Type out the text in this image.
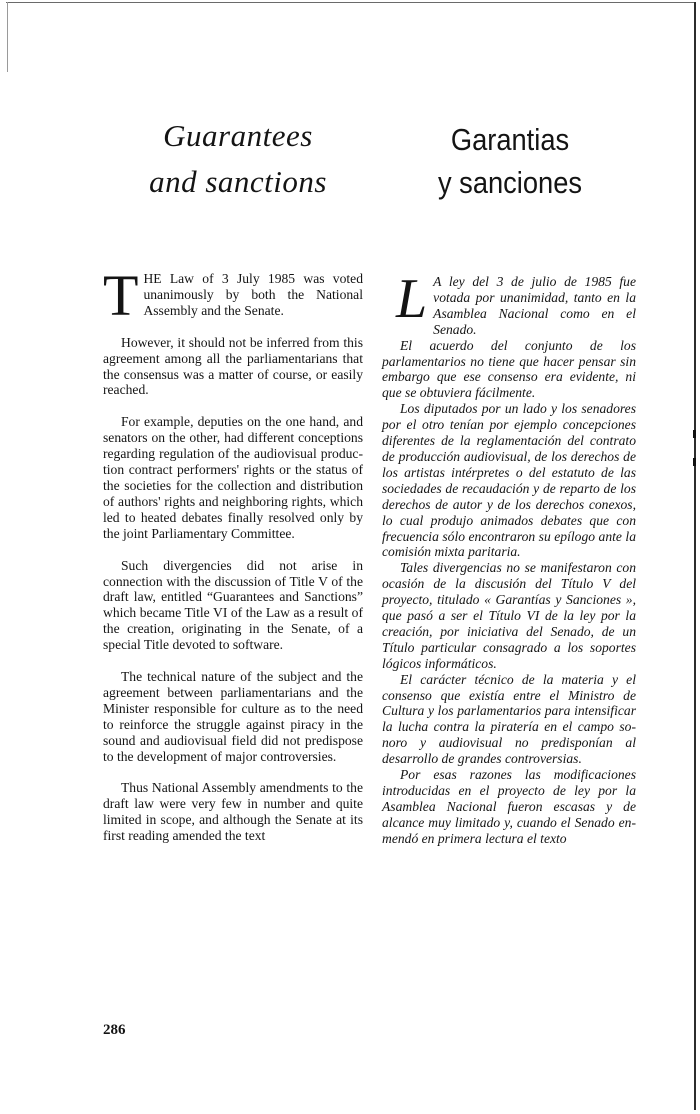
Guarantees
and sanctions
Garantias
y sanciones

THE Law of 3 July 1985 was voted unanimously by both the National Assembly and the Senate.

However, it should not be inferred from this agreement among all the parliamentarians that the consensus was a matter of course, or easily reached.

For example, deputies on the one hand, and senators on the other, had different conceptions regarding regulation of the audiovisual production contract performers' rights or the status of the societies for the collection and distribution of authors' rights and neighboring rights, which led to heated debates finally resolved only by the joint Parliamentary Committee.

Such divergencies did not arise in connection with the discussion of Title V of the draft law, entitled “Guarantees and Sanctions” which became Title VI of the Law as a result of the creation, originating in the Senate, of a special Title devoted to software.

The technical nature of the subject and the agreement between parliamentarians and the Minister responsible for culture as to the need to reinforce the struggle against piracy in the sound and audiovisual field did not predispose to the development of major controversies.

Thus National Assembly amendments to the draft law were very few in number and quite limited in scope, and although the Senate at its first reading amended the text

L A ley del 3 de julio de 1985 fue votada por unanimidad, tanto en la Asamblea Nacional como en el Senado.

El acuerdo del conjunto de los parlamentarios no tiene que hacer pensar sin embargo que ese consenso era evidente, ni que se obtuviera fácilmente.

Los diputados por un lado y los senadores por el otro tenían por ejemplo concepciones diferentes de la reglamentación del contrato de producción audiovisual, de los derechos de los artistas intérpretes o del estatuto de las sociedades de recaudación y de reparto de los derechos de autor y de los derechos conexos, lo cual produjo animados debates que con frecuencia sólo encontraron su epílogo ante la comisión mixta paritaria.

Tales divergencias no se manifestaron con ocasión de la discusión del Título V del proyecto, titulado « Garantías y Sanciones », que pasó a ser el Título VI de la ley por la creación, por iniciativa del Senado, de un Título particular consagrado a los soportes lógicos informáticos.

El carácter técnico de la materia y el consenso que existía entre el Ministro de Cultura y los parlamentarios para intensificar la lucha contra la piratería en el campo sonoro y audiovisual no predisponían al desarrollo de grandes controversias.

Por esas razones las modificaciones introducidas en el proyecto de ley por la Asamblea Nacional fueron escasas y de alcance muy limitado y, cuando el Senado enmendó en primera lectura el texto

286
